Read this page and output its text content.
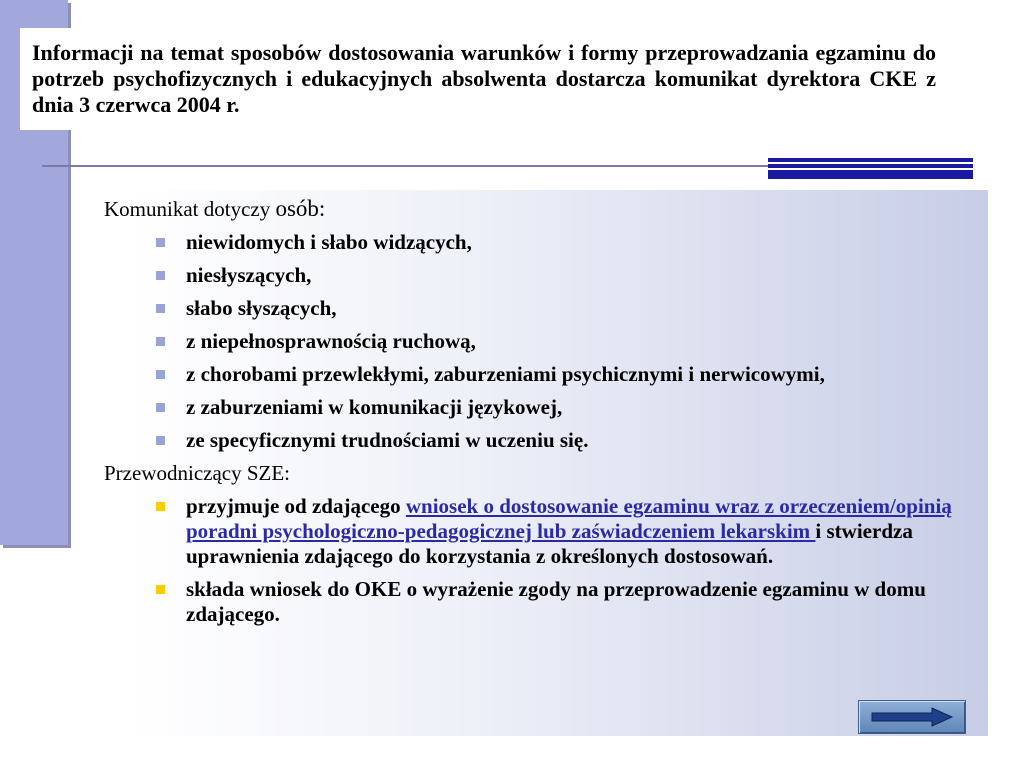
Informacji na temat sposobów dostosowania warunków i formy przeprowadzania egzaminu do potrzeb psychofizycznych i edukacyjnych absolwenta dostarcza komunikat dyrektora CKE z dnia 3 czerwca 2004 r.
Komunikat dotyczy osób:
niewidomych i słabo widzących,
niesłyszących,
słabo słyszących,
z niepełnosprawnością ruchową,
z chorobami przewlekłymi, zaburzeniami psychicznymi i nerwicowymi,
z zaburzeniami w komunikacji językowej,
ze specyficznymi trudnościami w uczeniu się.
Przewodniczący SZE:
przyjmuje od zdającego wniosek o dostosowanie egzaminu wraz z orzeczeniem/opinią poradni psychologiczno-pedagogicznej lub zaświadczeniem lekarskim i stwierdza uprawnienia zdającego do korzystania z określonych dostosowań.
składa wniosek do OKE o wyrażenie zgody na przeprowadzenie egzaminu w domu zdającego.
